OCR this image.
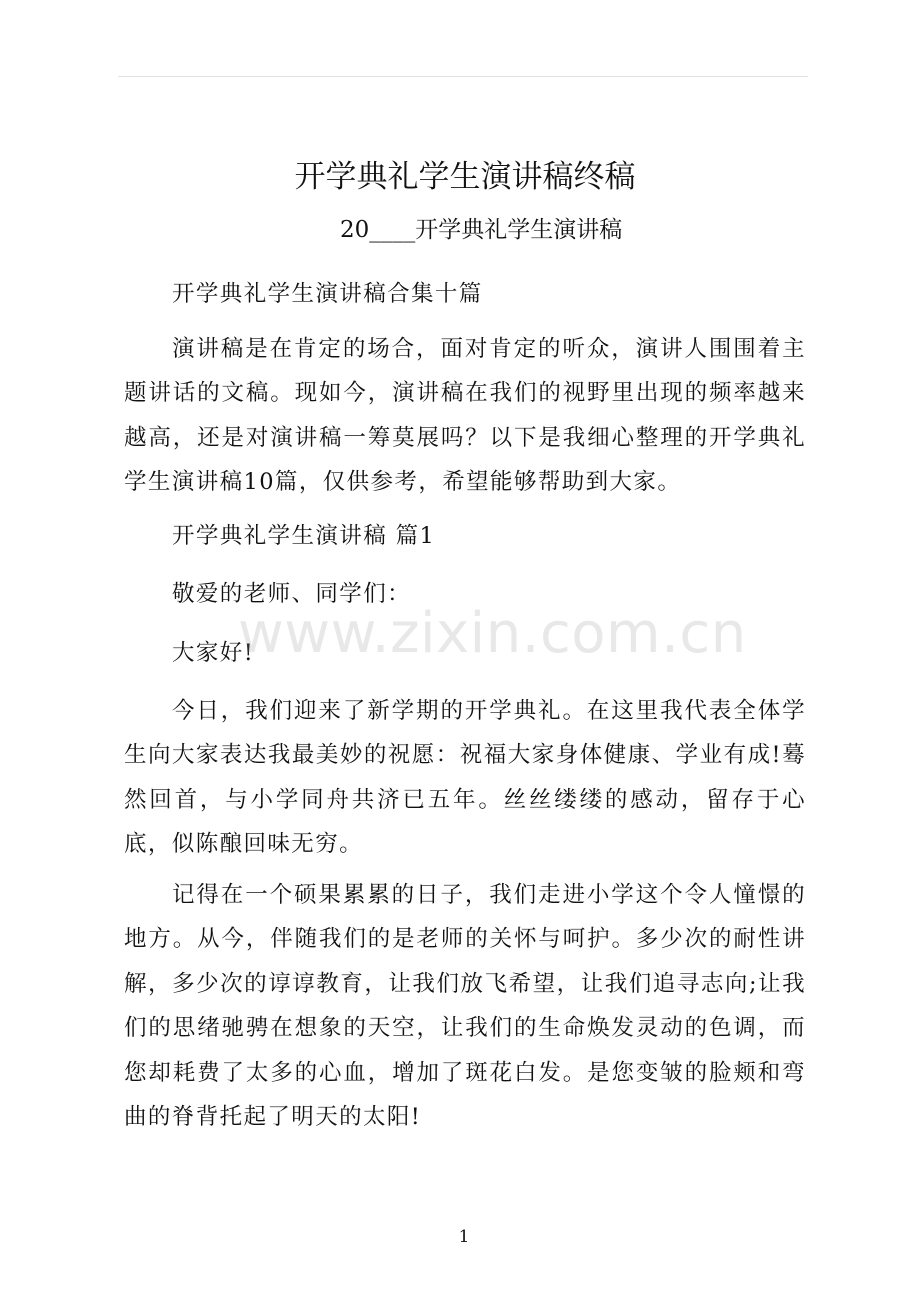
开学典礼学生演讲稿终稿
20____开学典礼学生演讲稿

开学典礼学生演讲稿合集十篇

演讲稿是在肯定的场合，面对肯定的听众，演讲人围围着主题讲话的文稿。现如今，演讲稿在我们的视野里出现的频率越来越高，还是对演讲稿一筹莫展吗？以下是我细心整理的开学典礼学生演讲稿10篇，仅供参考，希望能够帮助到大家。

开学典礼学生演讲稿 篇1

敬爱的老师、同学们：

大家好!

今日，我们迎来了新学期的开学典礼。在这里我代表全体学生向大家表达我最美妙的祝愿：祝福大家身体健康、学业有成!蓦然回首，与小学同舟共济已五年。丝丝缕缕的感动，留存于心底，似陈酿回味无穷。

记得在一个硕果累累的日子，我们走进小学这个令人憧憬的地方。从今，伴随我们的是老师的关怀与呵护。多少次的耐性讲解，多少次的谆谆教育，让我们放飞希望，让我们追寻志向;让我们的思绪驰骋在想象的天空，让我们的生命焕发灵动的色调，而您却耗费了太多的心血，增加了斑花白发。是您变皱的脸颊和弯曲的脊背托起了明天的太阳!

www.zixin.com.cn
1
